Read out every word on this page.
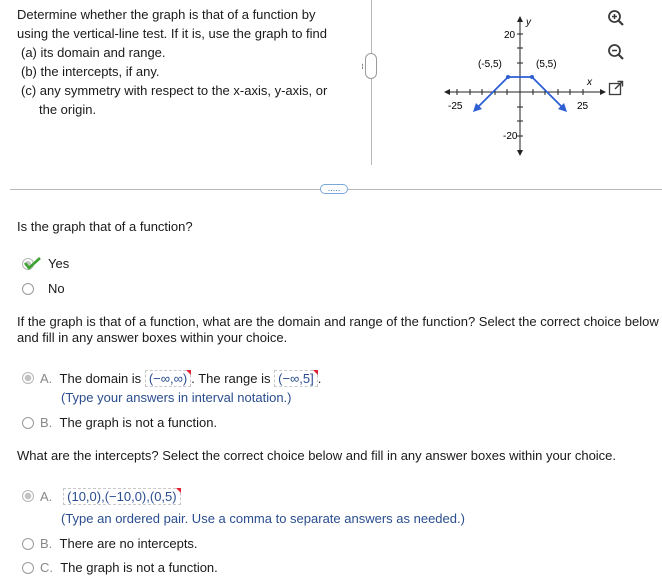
Determine whether the graph is that of a function by
using the vertical-line test. If it is, use the graph to find
(a) its domain and range.
(b) the intercepts, if any.
(c) any symmetry with respect to the x-axis, y-axis, or
the origin.
....
y
x
20
-20
-25	25
(-5,5)	(5,5)
.....
Is the graph that of a function?
Yes
No
If the graph is that of a function, what are the domain and range of the function? Select the correct choice below
and fill in any answer boxes within your choice.
A. The domain is (−∞,∞) . The range is (−∞,5] .
(Type your answers in interval notation.)
B. The graph is not a function.
What are the intercepts? Select the correct choice below and fill in any answer boxes within your choice.
A. (10,0),(−10,0),(0,5)
(Type an ordered pair. Use a comma to separate answers as needed.)
B. There are no intercepts.
C. The graph is not a function.
